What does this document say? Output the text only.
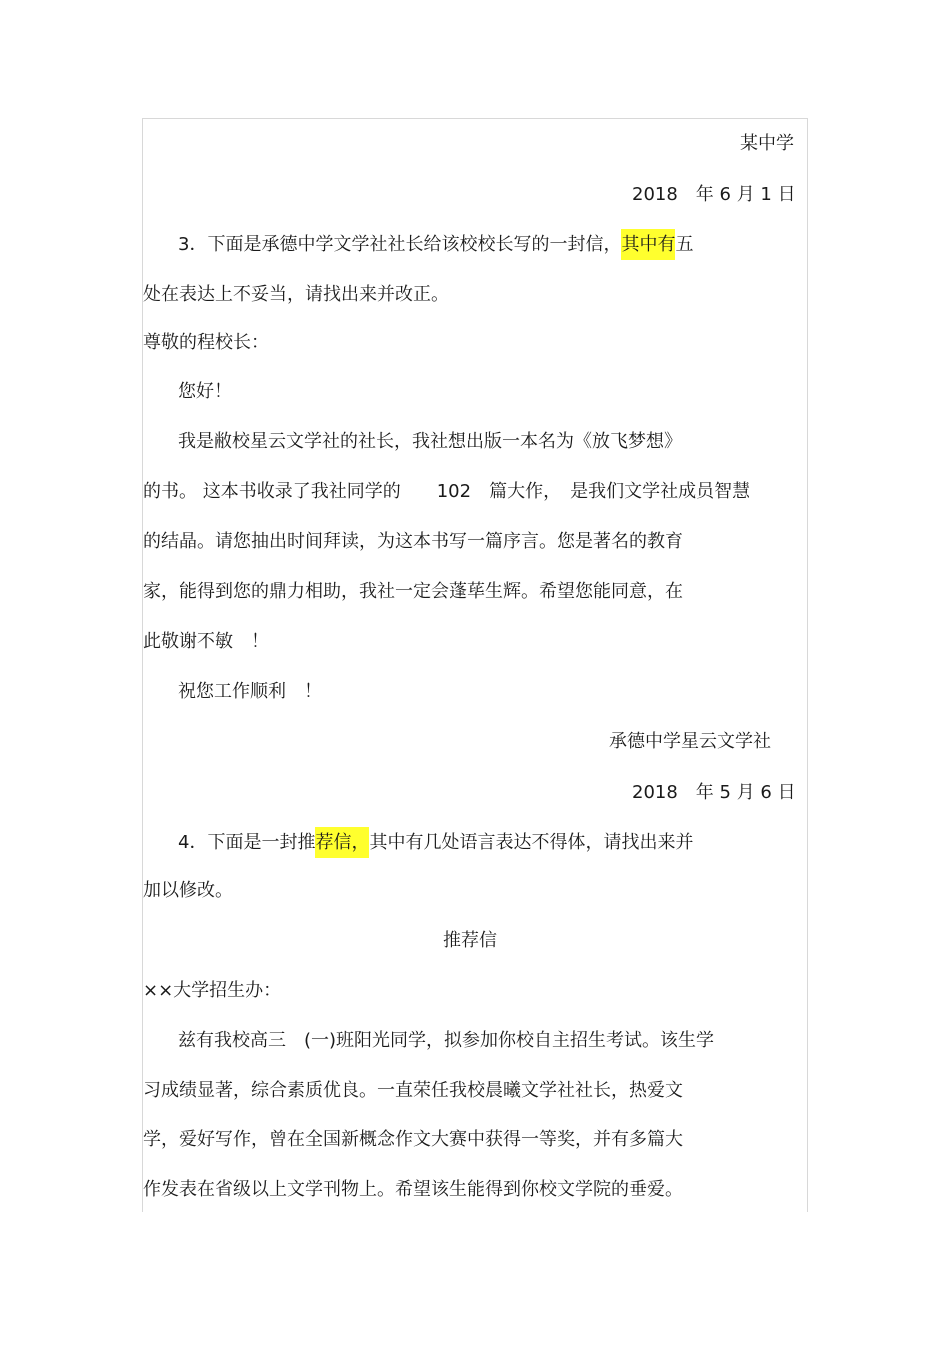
某中学
2018　年 6 月 1 日
3．下面是承德中学文学社社长给该校校长写的一封信，其中有五
处在表达上不妥当，请找出来并改正。
尊敬的程校长：
您好！
我是敝校星云文学社的社长，我社想出版一本名为《放飞梦想》
的书。 这本书收录了我社同学的　　102　篇大作，　是我们文学社成员智慧
的结晶。请您抽出时间拜读，为这本书写一篇序言。您是著名的教育
家，能得到您的鼎力相助，我社一定会蓬荜生辉。希望您能同意，在
此敬谢不敏　！
祝您工作顺利　！
承德中学星云文学社
2018　年 5 月 6 日
4．下面是一封推荐信，其中有几处语言表达不得体，请找出来并
加以修改。
推荐信
××大学招生办：
兹有我校高三　(一)班阳光同学，拟参加你校自主招生考试。该生学
习成绩显著，综合素质优良。一直荣任我校晨曦文学社社长，热爱文
学，爱好写作，曾在全国新概念作文大赛中获得一等奖，并有多篇大
作发表在省级以上文学刊物上。希望该生能得到你校文学院的垂爱。
